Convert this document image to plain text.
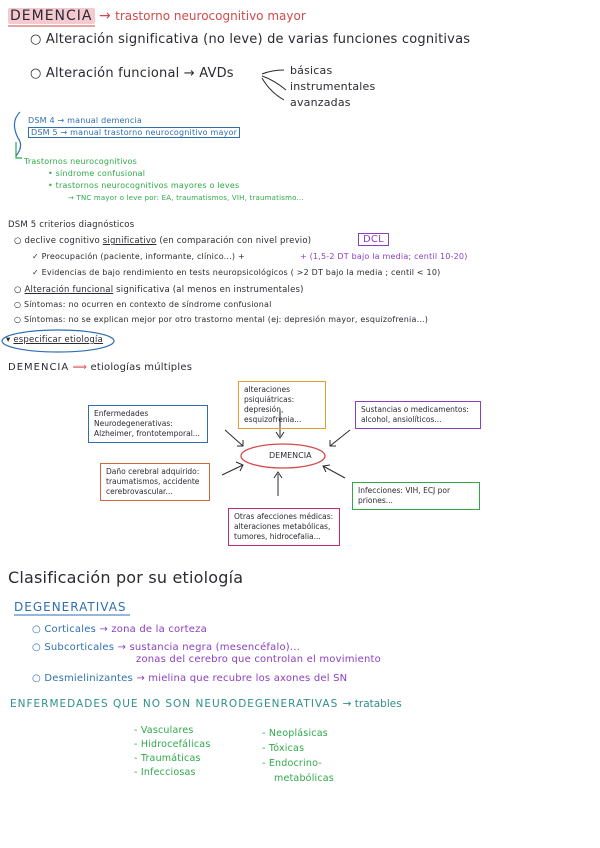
DEMENCIA → trastorno neurocognitivo mayor
○ Alteración significativa (no leve) de varias funciones cognitivas
○ Alteración funcional → AVDs	básicas
instrumentales
avanzadas
DSM 4 → manual demencia
DSM 5 → manual trastorno neurocognitivo mayor
Trastornos neurocognitivos
• síndrome confusional
• trastornos neurocognitivos mayores o leves
→ TNC mayor o leve por: EA, traumatismos, VIH, traumatismo...
DSM 5 criterios diagnósticos
○ declive cognitivo significativo (en comparación con nivel previo)	DCL
✓ Preocupación (paciente, informante, clínico...) +	+ (1,5-2 DT bajo la media; centil 10-20)
✓ Evidencias de bajo rendimiento en tests neuropsicológicos ( >2 DT bajo la media ; centil < 10)
○ Alteración funcional significativa (al menos en instrumentales)
○ Síntomas: no ocurren en contexto de síndrome confusional
○ Síntomas: no se explican mejor por otro trastorno mental (ej: depresión mayor, esquizofrenia...)
▾ especificar etiología
DEMENCIA ⟹ etiologías múltiples
alteraciones psiquiátricas: depresión, esquizofrenia...
Enfermedades Neurodegenerativas: Alzheimer, frontotemporal...
Sustancias o medicamentos: alcohol, ansiolíticos...
DEMENCIA
Daño cerebral adquirido: traumatismos, accidente cerebrovascular...	Infecciones: VIH, ECJ por priones...
Otras afecciones médicas: alteraciones metabólicas, tumores, hidrocefalia...
Clasificación por su etiología
DEGENERATIVAS
○ Corticales → zona de la corteza
○ Subcorticales → sustancia negra (mesencéfalo)...
zonas del cerebro que controlan el movimiento
○ Desmielinizantes → mielina que recubre los axones del SN
ENFERMEDADES QUE NO SON NEURODEGENERATIVAS → tratables
- Vasculares
- Hidrocefálicas
- Traumáticas
- Infecciosas
- Neoplásicas
- Tóxicas
- Endocrino-
metabólicas
